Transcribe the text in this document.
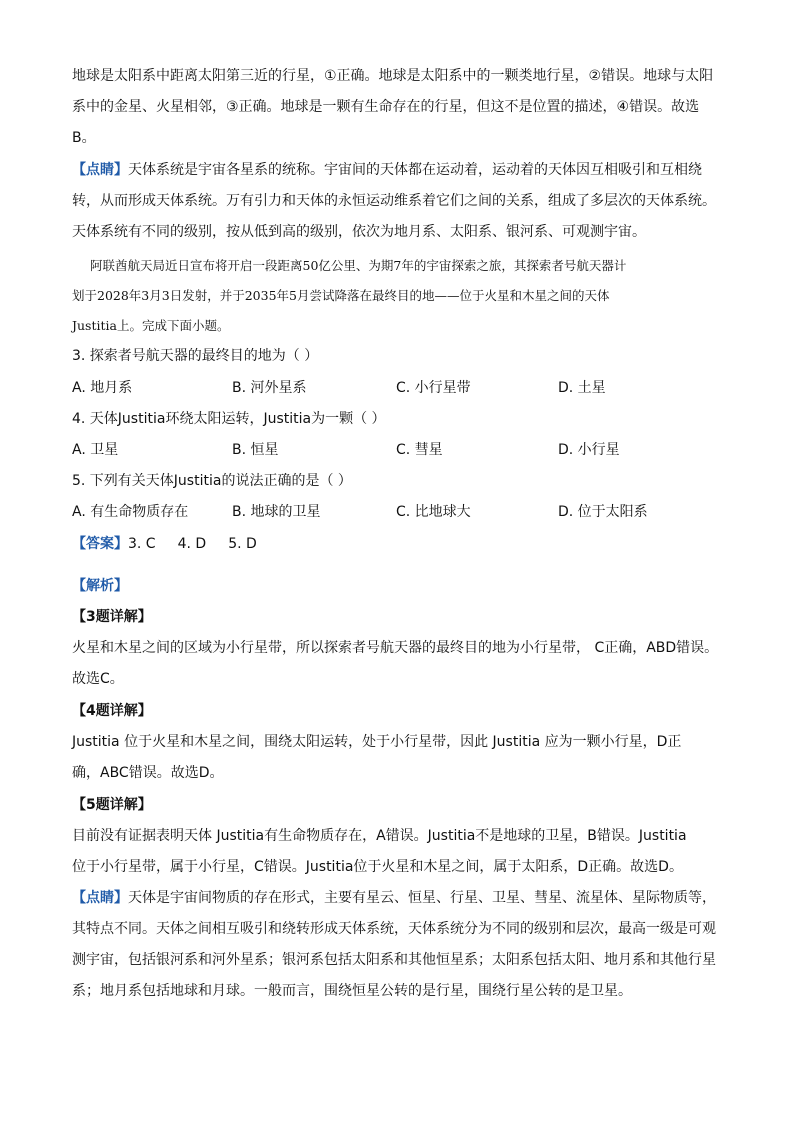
地球是太阳系中距离太阳第三近的行星，①正确。地球是太阳系中的一颗类地行星，②错误。地球与太阳
系中的金星、火星相邻，③正确。地球是一颗有生命存在的行星，但这不是位置的描述，④错误。故选
B。
【点睛】天体系统是宇宙各星系的统称。宇宙间的天体都在运动着，运动着的天体因互相吸引和互相绕
转，从而形成天体系统。万有引力和天体的永恒运动维系着它们之间的关系，组成了多层次的天体系统。
天体系统有不同的级别，按从低到高的级别，依次为地月系、太阳系、银河系、可观测宇宙。
阿联酋航天局近日宣布将开启一段距离50亿公里、为期7年的宇宙探索之旅，其探索者号航天器计
划于2028年3月3日发射，并于2035年5月尝试降落在最终目的地——位于火星和木星之间的天体
Justitia上。完成下面小题。
3. 探索者号航天器的最终目的地为（ ）
A. 地月系	B. 河外星系	C. 小行星带	D. 土星
4. 天体Justitia环绕太阳运转，Justitia为一颗（ ）
A. 卫星	B. 恒星	C. 彗星	D. 小行星
5. 下列有关天体Justitia的说法正确的是（ ）
A. 有生命物质存在	B. 地球的卫星	C. 比地球大	D. 位于太阳系
【答案】3. C 4. D 5. D
【解析】
【3题详解】
火星和木星之间的区域为小行星带，所以探索者号航天器的最终目的地为小行星带， C正确，ABD错误。
故选C。
【4题详解】
Justitia 位于火星和木星之间，围绕太阳运转，处于小行星带，因此 Justitia 应为一颗小行星，D正
确，ABC错误。故选D。
【5题详解】
目前没有证据表明天体 Justitia有生命物质存在，A错误。Justitia不是地球的卫星，B错误。Justitia
位于小行星带，属于小行星，C错误。Justitia位于火星和木星之间，属于太阳系，D正确。故选D。
【点睛】天体是宇宙间物质的存在形式，主要有星云、恒星、行星、卫星、彗星、流星体、星际物质等，
其特点不同。天体之间相互吸引和绕转形成天体系统，天体系统分为不同的级别和层次，最高一级是可观
测宇宙，包括银河系和河外星系；银河系包括太阳系和其他恒星系；太阳系包括太阳、地月系和其他行星
系；地月系包括地球和月球。一般而言，围绕恒星公转的是行星，围绕行星公转的是卫星。
